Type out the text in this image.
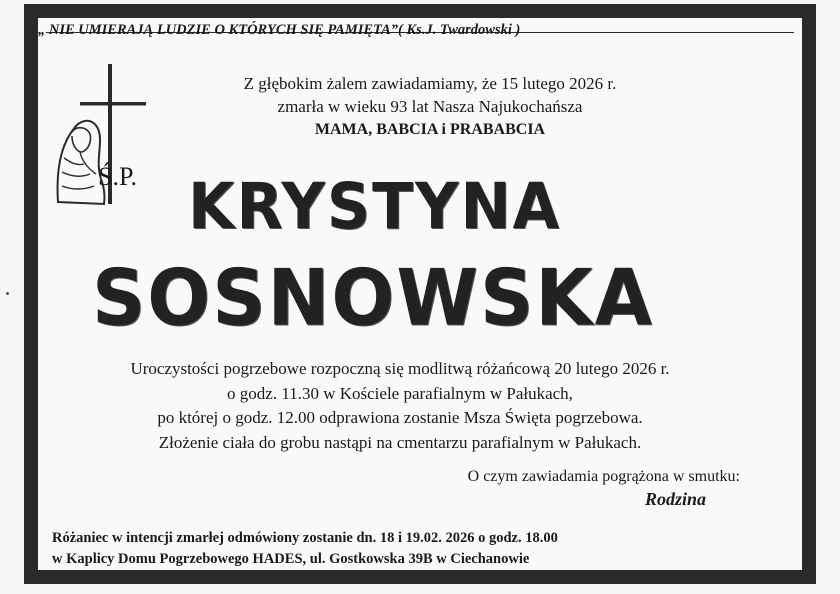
„ NIE UMIERAJĄ LUDZIE O KTÓRYCH SIĘ PAMIĘTA”( Ks.J. Twardowski )
Z głębokim żalem zawiadamiamy, że 15 lutego 2026 r.
zmarła w wieku 93 lat Nasza Najukochańsza
MAMA, BABCIA i PRABABCIA
Ś.P. KRYSTYNA
SOSNOWSKA
Uroczystości pogrzebowe rozpoczną się modlitwą różańcową 20 lutego 2026 r.
o godz. 11.30 w Kościele parafialnym w Pałukach,
po której o godz. 12.00 odprawiona zostanie Msza Święta pogrzebowa.
Złożenie ciała do grobu nastąpi na cmentarzu parafialnym w Pałukach.
O czym zawiadamia pogrążona w smutku:
Rodzina
Różaniec w intencji zmarłej odmówiony zostanie dn. 18 i 19.02. 2026 o godz. 18.00
w Kaplicy Domu Pogrzebowego HADES, ul. Gostkowska 39B w Ciechanowie
